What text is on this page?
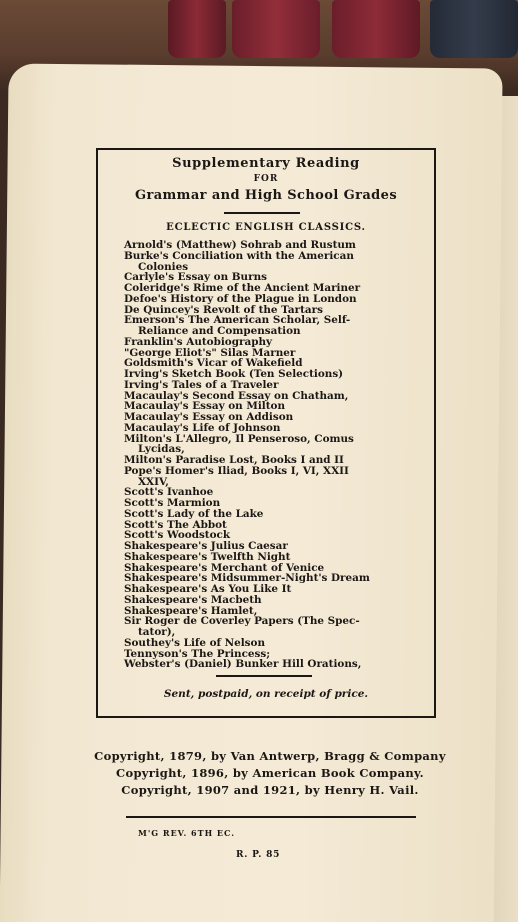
Supplementary Reading
FOR
Grammar and High School Grades
ECLECTIC ENGLISH CLASSICS.
Arnold's (Matthew) Sohrab and Rustum
Burke's Conciliation with the American
Colonies
Carlyle's Essay on Burns
Coleridge's Rime of the Ancient Mariner
Defoe's History of the Plague in London
De Quincey's Revolt of the Tartars
Emerson's The American Scholar, Self-
Reliance and Compensation
Franklin's Autobiography
"George Eliot's" Silas Marner
Goldsmith's Vicar of Wakefield
Irving's Sketch Book (Ten Selections)
Irving's Tales of a Traveler
Macaulay's Second Essay on Chatham,
Macaulay's Essay on Milton
Macaulay's Essay on Addison
Macaulay's Life of Johnson
Milton's L'Allegro, Il Penseroso, Comus
Lycidas,
Milton's Paradise Lost, Books I and II
Pope's Homer's Iliad, Books I, VI, XXII
XXIV,
Scott's Ivanhoe
Scott's Marmion
Scott's Lady of the Lake
Scott's The Abbot
Scott's Woodstock
Shakespeare's Julius Caesar
Shakespeare's Twelfth Night
Shakespeare's Merchant of Venice
Shakespeare's Midsummer-Night's Dream
Shakespeare's As You Like It
Shakespeare's Macbeth
Shakespeare's Hamlet,
Sir Roger de Coverley Papers (The Spec-
tator),
Southey's Life of Nelson
Tennyson's The Princess;
Webster's (Daniel) Bunker Hill Orations,
Sent, postpaid, on receipt of price.
Copyright, 1879, by Van Antwerp, Bragg & Company
Copyright, 1896, by American Book Company.
Copyright, 1907 and 1921, by Henry H. Vail.
M'G REV. 6TH EC.
R. P. 85
